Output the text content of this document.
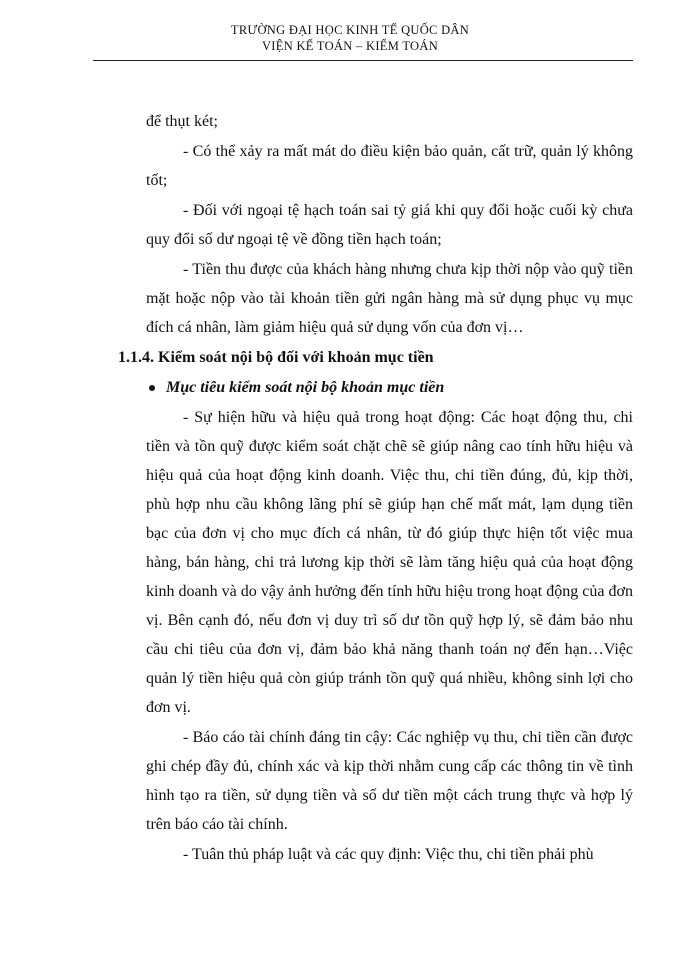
TRƯỜNG ĐẠI HỌC KINH TẾ QUỐC DÂN
VIỆN KẾ TOÁN – KIỂM TOÁN

để thụt két;

- Có thể xảy ra mất mát do điều kiện bảo quản, cất trữ, quản lý không tốt;

- Đối với ngoại tệ hạch toán sai tỷ giá khi quy đổi hoặc cuối kỳ chưa quy đổi số dư ngoại tệ về đồng tiền hạch toán;

- Tiền thu được của khách hàng nhưng chưa kịp thời nộp vào quỹ tiền mặt hoặc nộp vào tài khoản tiền gửi ngân hàng mà sử dụng phục vụ mục đích cá nhân, làm giảm hiệu quả sử dụng vốn của đơn vị…

1.1.4. Kiểm soát nội bộ đối với khoản mục tiền

Mục tiêu kiểm soát nội bộ khoản mục tiền

- Sự hiện hữu và hiệu quả trong hoạt động: Các hoạt động thu, chi tiền và tồn quỹ được kiểm soát chặt chẽ sẽ giúp nâng cao tính hữu hiệu và hiệu quả của hoạt động kinh doanh. Việc thu, chi tiền đúng, đủ, kịp thời, phù hợp nhu cầu không lãng phí sẽ giúp hạn chế mất mát, lạm dụng tiền bạc của đơn vị cho mục đích cá nhân, từ đó giúp thực hiện tốt việc mua hàng, bán hàng, chi trả lương kịp thời sẽ làm tăng hiệu quả của hoạt động kinh doanh và do vậy ảnh hưởng đến tính hữu hiệu trong hoạt động của đơn vị. Bên cạnh đó, nếu đơn vị duy trì số dư tồn quỹ hợp lý, sẽ đảm bảo nhu cầu chi tiêu của đơn vị, đảm bảo khả năng thanh toán nợ đến hạn…Việc quản lý tiền hiệu quả còn giúp tránh tồn quỹ quá nhiều, không sinh lợi cho đơn vị.

- Báo cáo tài chính đáng tin cậy: Các nghiệp vụ thu, chi tiền cần được ghi chép đầy đủ, chính xác và kịp thời nhằm cung cấp các thông tin về tình hình tạo ra tiền, sử dụng tiền và số dư tiền một cách trung thực và hợp lý trên báo cáo tài chính.

- Tuân thủ pháp luật và các quy định: Việc thu, chi tiền phải phù
